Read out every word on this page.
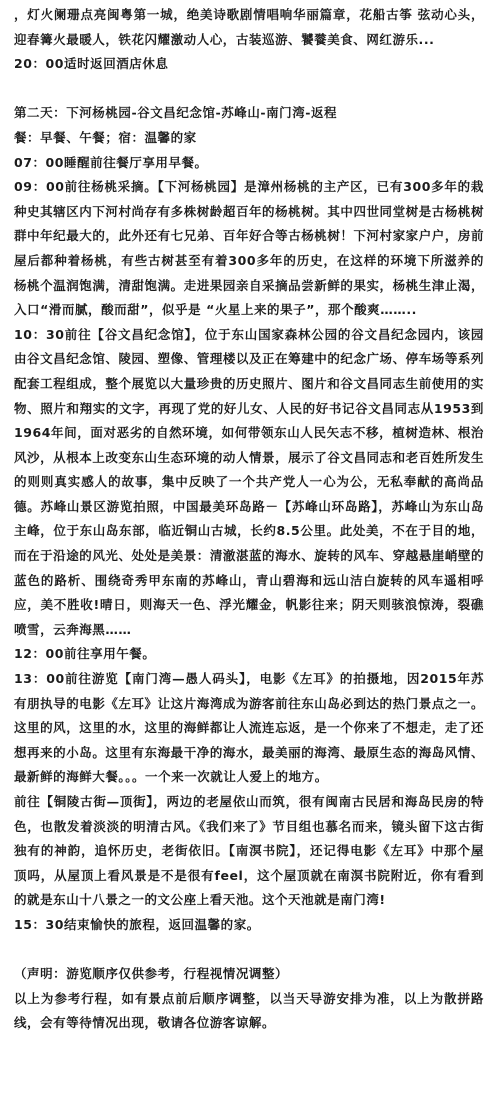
，灯火阑珊点亮闽粤第一城，绝美诗歌剧情唱响华丽篇章，花船古筝 弦动心头，迎春篝火最暖人，铁花闪耀激动人心，古装巡游、饕餮美食、网红游乐...

20：00适时返回酒店休息

第二天：下河杨桃园-谷文昌纪念馆-苏峰山-南门湾-返程

餐：早餐、午餐；宿：温馨的家

07：00睡醒前往餐厅享用早餐。

09：00前往杨桃采摘。【下河杨桃园】是漳州杨桃的主产区，已有300多年的栽种史其辖区内下河村尚存有多株树龄超百年的杨桃树。其中四世同堂树是古杨桃树群中年纪最大的，此外还有七兄弟、百年好合等古杨桃树！下河村家家户户，房前屋后都种着杨桃，有些古树甚至有着300多年的历史，在这样的环境下所滋养的杨桃个温润饱满，清甜饱满。走进果园亲自采摘品尝新鲜的果实，杨桃生津止渴，入口“滑而腻，酸而甜”，似乎是 “火星上来的果子”，那个酸爽……..

10：30前往【谷文昌纪念馆】，位于东山国家森林公园的谷文昌纪念园内，该园由谷文昌纪念馆、陵园、塑像、管理楼以及正在筹建中的纪念广场、停车场等系列配套工程组成，整个展览以大量珍贵的历史照片、图片和谷文昌同志生前使用的实物、照片和翔实的文字，再现了党的好儿女、人民的好书记谷文昌同志从1953到1964年间，面对恶劣的自然环境，如何带领东山人民矢志不移，植树造林、根治风沙，从根本上改变东山生态环境的动人情景，展示了谷文昌同志和老百姓所发生的则则真实感人的故事，集中反映了一个共产党人一心为公，无私奉献的高尚品德。苏峰山景区游览拍照，中国最美环岛路－【苏峰山环岛路】，苏峰山为东山岛主峰，位于东山岛东部，临近铜山古城，长约8.5公里。此处美，不在于目的地，而在于沿途的风光、处处是美景：清澈湛蓝的海水、旋转的风车、穿越悬崖峭壁的蓝色的路析、围绕奇秀甲东南的苏峰山，青山碧海和远山洁白旋转的风车遥相呼应，美不胜收!晴日，则海天一色、浮光耀金，帆影往来；阴天则骇浪惊涛，裂礁喷雪，云奔海黑……

12：00前往享用午餐。

13：00前往游览【南门湾—愚人码头】，电影《左耳》的拍摄地，因2015年苏有朋执导的电影《左耳》让这片海湾成为游客前往东山岛必到达的热门景点之一。这里的风，这里的水，这里的海鲜都让人流连忘返，是一个你来了不想走，走了还想再来的小岛。这里有东海最干净的海水，最美丽的海湾、最原生态的海岛风情、最新鲜的海鲜大餐。。。一个来一次就让人爱上的地方。

前往【铜陵古街—顶街】，两边的老屋依山而筑，很有闽南古民居和海岛民房的特色，也散发着淡淡的明清古风。《我们来了》节目组也慕名而来，镜头留下这古街独有的神韵，追怀历史，老街依旧。【南溟书院】，还记得电影《左耳》中那个屋顶吗，从屋顶上看风景是不是很有feel，这个屋顶就在南溟书院附近，你有看到的就是东山十八景之一的文公座上看天池。这个天池就是南门湾!

15：30结束愉快的旅程，返回温馨的家。

（声明：游览顺序仅供参考，行程视情况调整）

以上为参考行程，如有景点前后顺序调整，以当天导游安排为准，以上为散拼路线，会有等待情况出现，敬请各位游客谅解。
